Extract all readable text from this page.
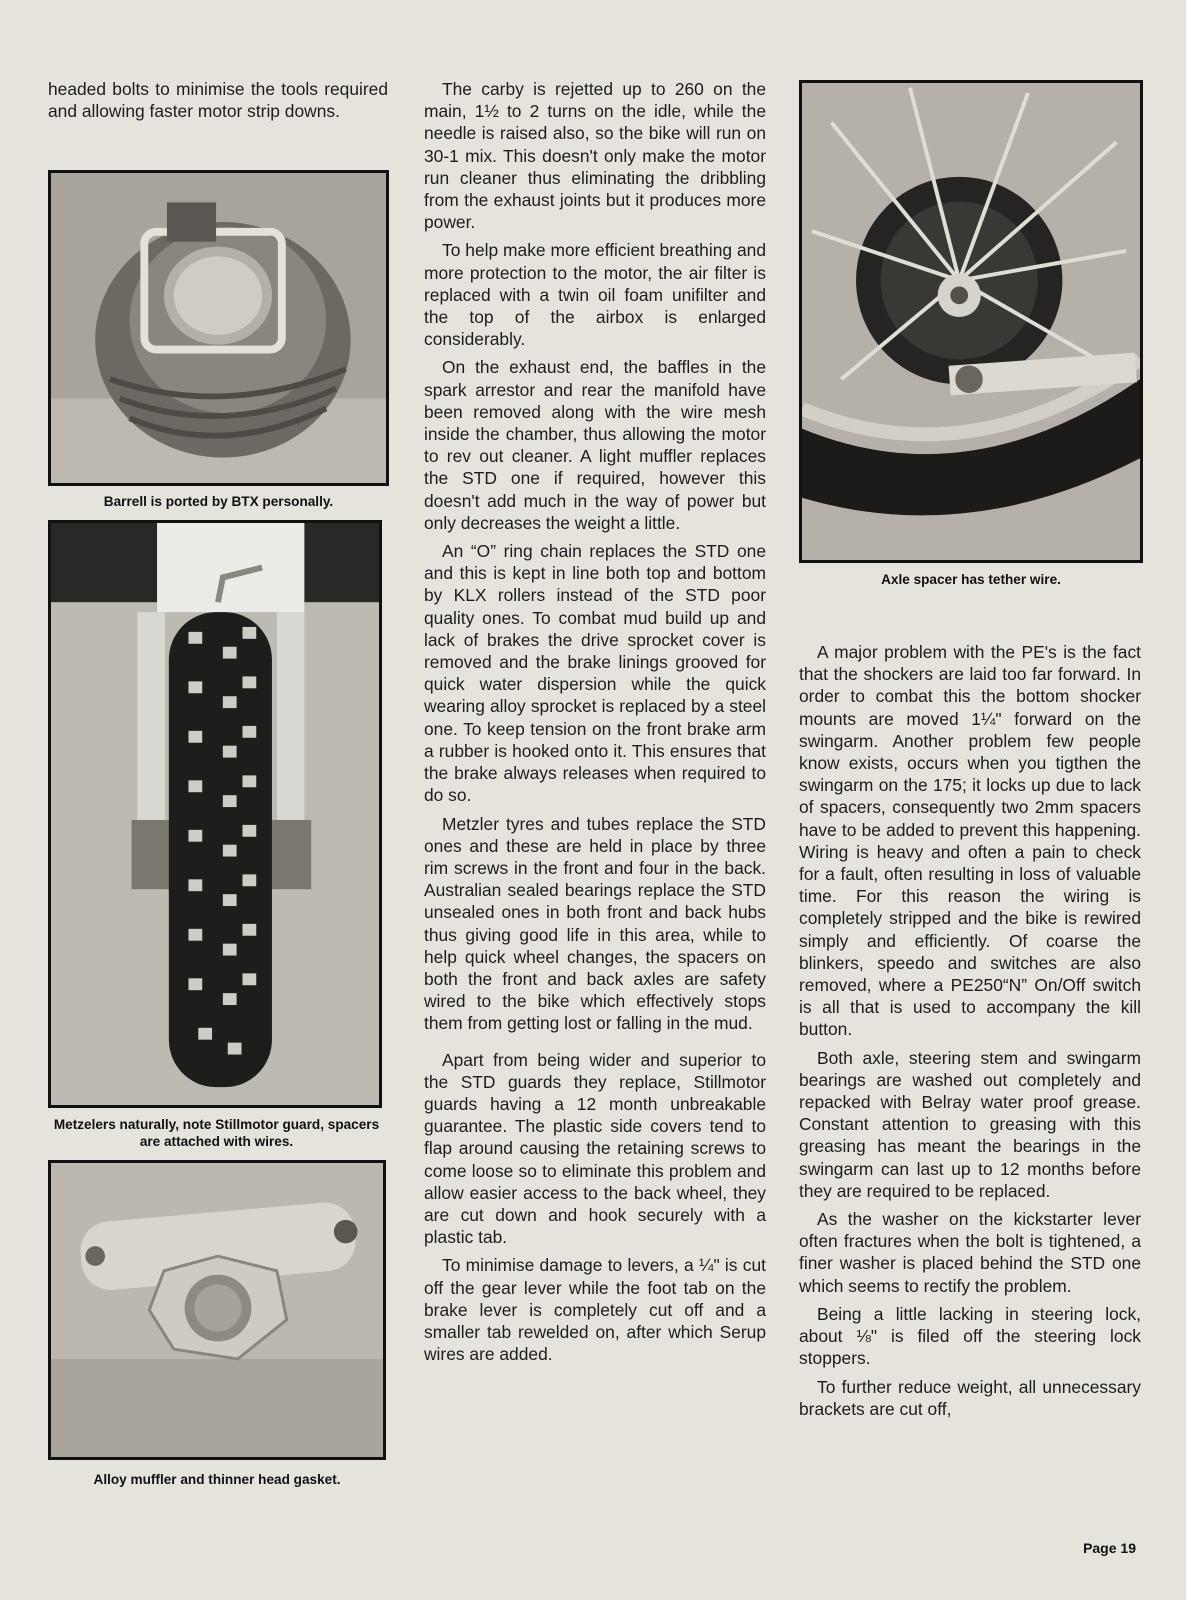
headed bolts to minimise the tools required and allowing faster motor strip downs.

Barrell is ported by BTX personally.
Metzelers naturally, note Stillmotor guard, spacers are attached with wires.
Alloy muffler and thinner head gasket.

The carby is rejetted up to 260 on the main, 1½ to 2 turns on the idle, while the needle is raised also, so the bike will run on 30-1 mix. This doesn't only make the motor run cleaner thus eliminating the dribbling from the exhaust joints but it produces more power.

To help make more efficient breathing and more protection to the motor, the air filter is replaced with a twin oil foam unifilter and the top of the airbox is enlarged considerably.

On the exhaust end, the baffles in the spark arrestor and rear the manifold have been removed along with the wire mesh inside the chamber, thus allowing the motor to rev out cleaner. A light muffler replaces the STD one if required, however this doesn't add much in the way of power but only decreases the weight a little.

An “O” ring chain replaces the STD one and this is kept in line both top and bottom by KLX rollers instead of the STD poor quality ones. To combat mud build up and lack of brakes the drive sprocket cover is removed and the brake linings grooved for quick water dispersion while the quick wearing alloy sprocket is replaced by a steel one. To keep tension on the front brake arm a rubber is hooked onto it. This ensures that the brake always releases when required to do so.

Metzler tyres and tubes replace the STD ones and these are held in place by three rim screws in the front and four in the back. Australian sealed bearings replace the STD unsealed ones in both front and back hubs thus giving good life in this area, while to help quick wheel changes, the spacers on both the front and back axles are safety wired to the bike which effectively stops them from getting lost or falling in the mud.

Apart from being wider and superior to the STD guards they replace, Stillmotor guards having a 12 month unbreakable guarantee. The plastic side covers tend to flap around causing the retaining screws to come loose so to eliminate this problem and allow easier access to the back wheel, they are cut down and hook securely with a plastic tab.

To minimise damage to levers, a ¼" is cut off the gear lever while the foot tab on the brake lever is completely cut off and a smaller tab rewelded on, after which Serup wires are added.

Axle spacer has tether wire.

A major problem with the PE's is the fact that the shockers are laid too far forward. In order to combat this the bottom shocker mounts are moved 1¼" forward on the swingarm. Another problem few people know exists, occurs when you tigthen the swingarm on the 175; it locks up due to lack of spacers, consequently two 2mm spacers have to be added to prevent this happening. Wiring is heavy and often a pain to check for a fault, often resulting in loss of valuable time. For this reason the wiring is completely stripped and the bike is rewired simply and efficiently. Of coarse the blinkers, speedo and switches are also removed, where a PE250“N” On/Off switch is all that is used to accompany the kill button.

Both axle, steering stem and swingarm bearings are washed out completely and repacked with Belray water proof grease. Constant attention to greasing with this greasing has meant the bearings in the swingarm can last up to 12 months before they are required to be replaced.

As the washer on the kickstarter lever often fractures when the bolt is tightened, a finer washer is placed behind the STD one which seems to rectify the problem.

Being a little lacking in steering lock, about ⅛" is filed off the steering lock stoppers.

To further reduce weight, all unnecessary brackets are cut off,

Page 19
